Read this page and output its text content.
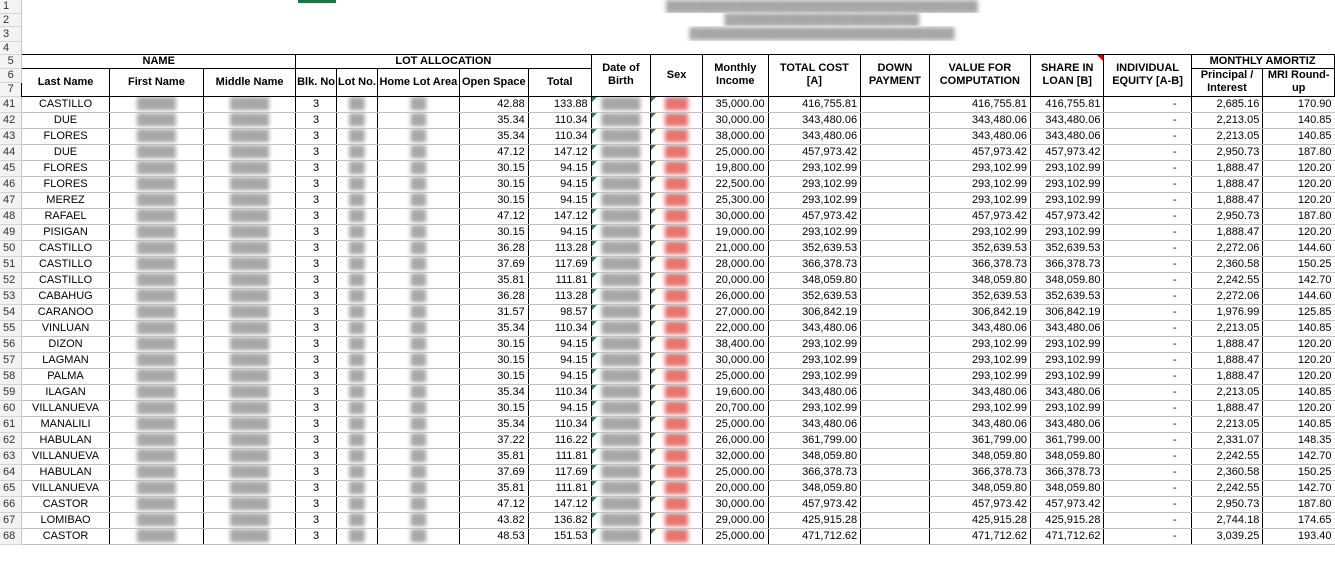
1	████████████████████████████████████████																	
2	█████████████████████████																	
3	██████████████████████████████████																	
4																		
5	NAME			LOT ALLOCATION					Date of Birth	Sex	Monthly Income	TOTAL COST [A]	DOWN PAYMENT	VALUE FOR COMPUTATION	SHARE IN LOAN [B]	INDIVIDUAL EQUITY [A-B]	MONTHLY AMORTIZ	
6	Last Name	First Name	Middle Name	Blk. No	Lot No.	Home Lot Area	Open Space	Total									Principal / Interest	MRI Round-up
7																		
41	CASTILLO	█████	█████	3	██	██	42.88	133.88	█████	███	35,000.00	416,755.81		416,755.81	416,755.81	-	2,685.16	170.90
42	DUE	█████	█████	3	██	██	35.34	110.34	█████	███	30,000.00	343,480.06		343,480.06	343,480.06	-	2,213.05	140.85
43	FLORES	█████	█████	3	██	██	35.34	110.34	█████	███	38,000.00	343,480.06		343,480.06	343,480.06	-	2,213.05	140.85
44	DUE	█████	█████	3	██	██	47.12	147.12	█████	███	25,000.00	457,973.42		457,973.42	457,973.42	-	2,950.73	187.80
45	FLORES	█████	█████	3	██	██	30.15	94.15	█████	███	19,800.00	293,102.99		293,102.99	293,102.99	-	1,888.47	120.20
46	FLORES	█████	█████	3	██	██	30.15	94.15	█████	███	22,500.00	293,102.99		293,102.99	293,102.99	-	1,888.47	120.20
47	MEREZ	█████	█████	3	██	██	30.15	94.15	█████	███	25,300.00	293,102.99		293,102.99	293,102.99	-	1,888.47	120.20
48	RAFAEL	█████	█████	3	██	██	47.12	147.12	█████	███	30,000.00	457,973.42		457,973.42	457,973.42	-	2,950.73	187.80
49	PISIGAN	█████	█████	3	██	██	30.15	94.15	█████	███	19,000.00	293,102.99		293,102.99	293,102.99	-	1,888.47	120.20
50	CASTILLO	█████	█████	3	██	██	36.28	113.28	█████	███	21,000.00	352,639.53		352,639.53	352,639.53	-	2,272.06	144.60
51	CASTILLO	█████	█████	3	██	██	37.69	117.69	█████	███	28,000.00	366,378.73		366,378.73	366,378.73	-	2,360.58	150.25
52	CASTILLO	█████	█████	3	██	██	35.81	111.81	█████	███	20,000.00	348,059.80		348,059.80	348,059.80	-	2,242.55	142.70
53	CABAHUG	█████	█████	3	██	██	36.28	113.28	█████	███	26,000.00	352,639.53		352,639.53	352,639.53	-	2,272.06	144.60
54	CARANOO	█████	█████	3	██	██	31.57	98.57	█████	███	27,000.00	306,842.19		306,842.19	306,842.19	-	1,976.99	125.85
55	VINLUAN	█████	█████	3	██	██	35.34	110.34	█████	███	22,000.00	343,480.06		343,480.06	343,480.06	-	2,213.05	140.85
56	DIZON	█████	█████	3	██	██	30.15	94.15	█████	███	38,400.00	293,102.99		293,102.99	293,102.99	-	1,888.47	120.20
57	LAGMAN	█████	█████	3	██	██	30.15	94.15	█████	███	30,000.00	293,102.99		293,102.99	293,102.99	-	1,888.47	120.20
58	PALMA	█████	█████	3	██	██	30.15	94.15	█████	███	25,000.00	293,102.99		293,102.99	293,102.99	-	1,888.47	120.20
59	ILAGAN	█████	█████	3	██	██	35.34	110.34	█████	███	19,600.00	343,480.06		343,480.06	343,480.06	-	2,213.05	140.85
60	VILLANUEVA	█████	█████	3	██	██	30.15	94.15	█████	███	20,700.00	293,102.99		293,102.99	293,102.99	-	1,888.47	120.20
61	MANALILI	█████	█████	3	██	██	35.34	110.34	█████	███	25,000.00	343,480.06		343,480.06	343,480.06	-	2,213.05	140.85
62	HABULAN	█████	█████	3	██	██	37.22	116.22	█████	███	26,000.00	361,799.00		361,799.00	361,799.00	-	2,331.07	148.35
63	VILLANUEVA	█████	█████	3	██	██	35.81	111.81	█████	███	32,000.00	348,059.80		348,059.80	348,059.80	-	2,242.55	142.70
64	HABULAN	█████	█████	3	██	██	37.69	117.69	█████	███	25,000.00	366,378.73		366,378.73	366,378.73	-	2,360.58	150.25
65	VILLANUEVA	█████	█████	3	██	██	35.81	111.81	█████	███	20,000.00	348,059.80		348,059.80	348,059.80	-	2,242.55	142.70
66	CASTOR	█████	█████	3	██	██	47.12	147.12	█████	███	30,000.00	457,973.42		457,973.42	457,973.42	-	2,950.73	187.80
67	LOMIBAO	█████	█████	3	██	██	43.82	136.82	█████	███	29,000.00	425,915.28		425,915.28	425,915.28	-	2,744.18	174.65
68	CASTOR	█████	█████	3	██	██	48.53	151.53	█████	███	25,000.00	471,712.62		471,712.62	471,712.62	-	3,039.25	193.40
